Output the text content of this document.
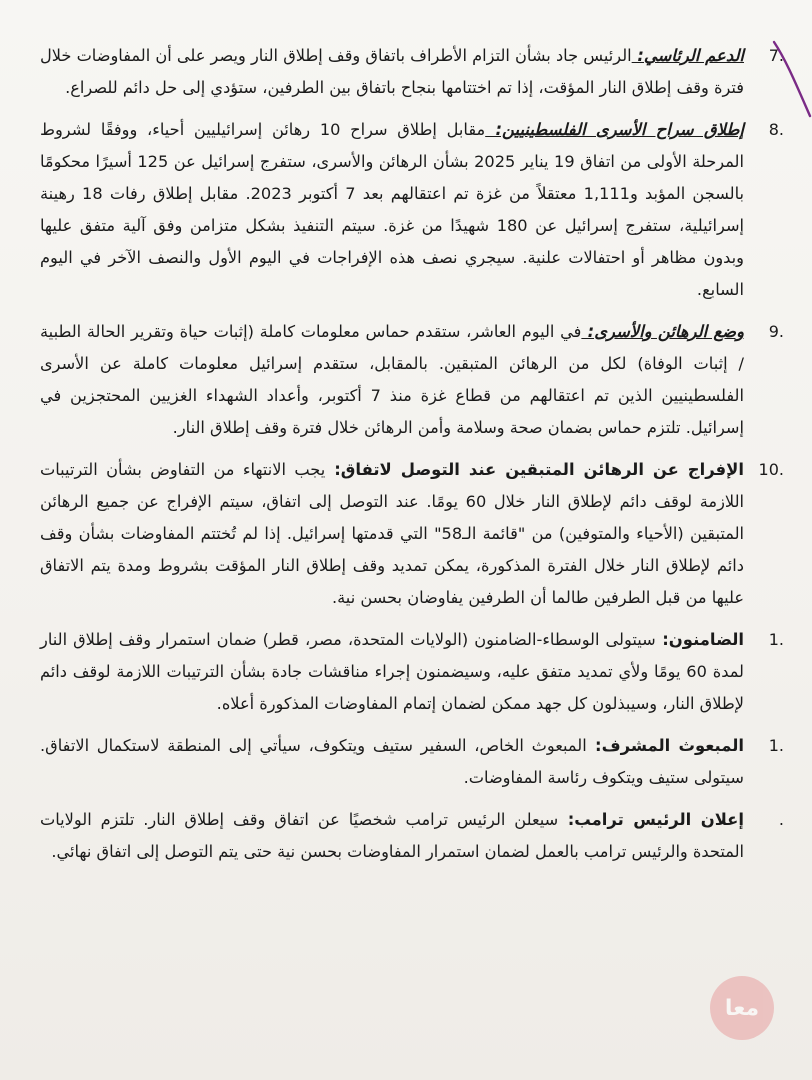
7.
الدعم الرئاسي: الرئيس جاد بشأن التزام الأطراف باتفاق وقف إطلاق النار ويصر على أن المفاوضات خلال فترة وقف إطلاق النار المؤقت، إذا تم اختتامها بنجاح باتفاق بين الطرفين، ستؤدي إلى حل دائم للصراع.
8.
إطلاق سراح الأسرى الفلسطينيين: مقابل إطلاق سراح 10 رهائن إسرائيليين أحياء، ووفقًا لشروط المرحلة الأولى من اتفاق 19 يناير 2025 بشأن الرهائن والأسرى، ستفرج إسرائيل عن 125 أسيرًا محكومًا بالسجن المؤبد و1,111 معتقلاً من غزة تم اعتقالهم بعد 7 أكتوبر 2023. مقابل إطلاق رفات 18 رهينة إسرائيلية، ستفرج إسرائيل عن 180 شهيدًا من غزة. سيتم التنفيذ بشكل متزامن وفق آلية متفق عليها وبدون مظاهر أو احتفالات علنية. سيجري نصف هذه الإفراجات في اليوم الأول والنصف الآخر في اليوم السابع.
9.
وضع الرهائن والأسرى: في اليوم العاشر، ستقدم حماس معلومات كاملة (إثبات حياة وتقرير الحالة الطبية / إثبات الوفاة) لكل من الرهائن المتبقين. بالمقابل، ستقدم إسرائيل معلومات كاملة عن الأسرى الفلسطينيين الذين تم اعتقالهم من قطاع غزة منذ 7 أكتوبر، وأعداد الشهداء الغزيين المحتجزين في إسرائيل. تلتزم حماس بضمان صحة وسلامة وأمن الرهائن خلال فترة وقف إطلاق النار.
10.
الإفراج عن الرهائن المتبقين عند التوصل لاتفاق: يجب الانتهاء من التفاوض بشأن الترتيبات اللازمة لوقف دائم لإطلاق النار خلال 60 يومًا. عند التوصل إلى اتفاق، سيتم الإفراج عن جميع الرهائن المتبقين (الأحياء والمتوفين) من "قائمة الـ58" التي قدمتها إسرائيل. إذا لم تُختتم المفاوضات بشأن وقف دائم لإطلاق النار خلال الفترة المذكورة، يمكن تمديد وقف إطلاق النار المؤقت بشروط ومدة يتم الاتفاق عليها من قبل الطرفين طالما أن الطرفين يفاوضان بحسن نية.
1.
الضامنون: سيتولى الوسطاء-الضامنون (الولايات المتحدة، مصر، قطر) ضمان استمرار وقف إطلاق النار لمدة 60 يومًا ولأي تمديد متفق عليه، وسيضمنون إجراء مناقشات جادة بشأن الترتيبات اللازمة لوقف دائم لإطلاق النار، وسيبذلون كل جهد ممكن لضمان إتمام المفاوضات المذكورة أعلاه.
1.
المبعوث المشرف: المبعوث الخاص، السفير ستيف ويتكوف، سيأتي إلى المنطقة لاستكمال الاتفاق. سيتولى ستيف ويتكوف رئاسة المفاوضات.
.
إعلان الرئيس ترامب: سيعلن الرئيس ترامب شخصيًا عن اتفاق وقف إطلاق النار. تلتزم الولايات المتحدة والرئيس ترامب بالعمل لضمان استمرار المفاوضات بحسن نية حتى يتم التوصل إلى اتفاق نهائي.
معا
